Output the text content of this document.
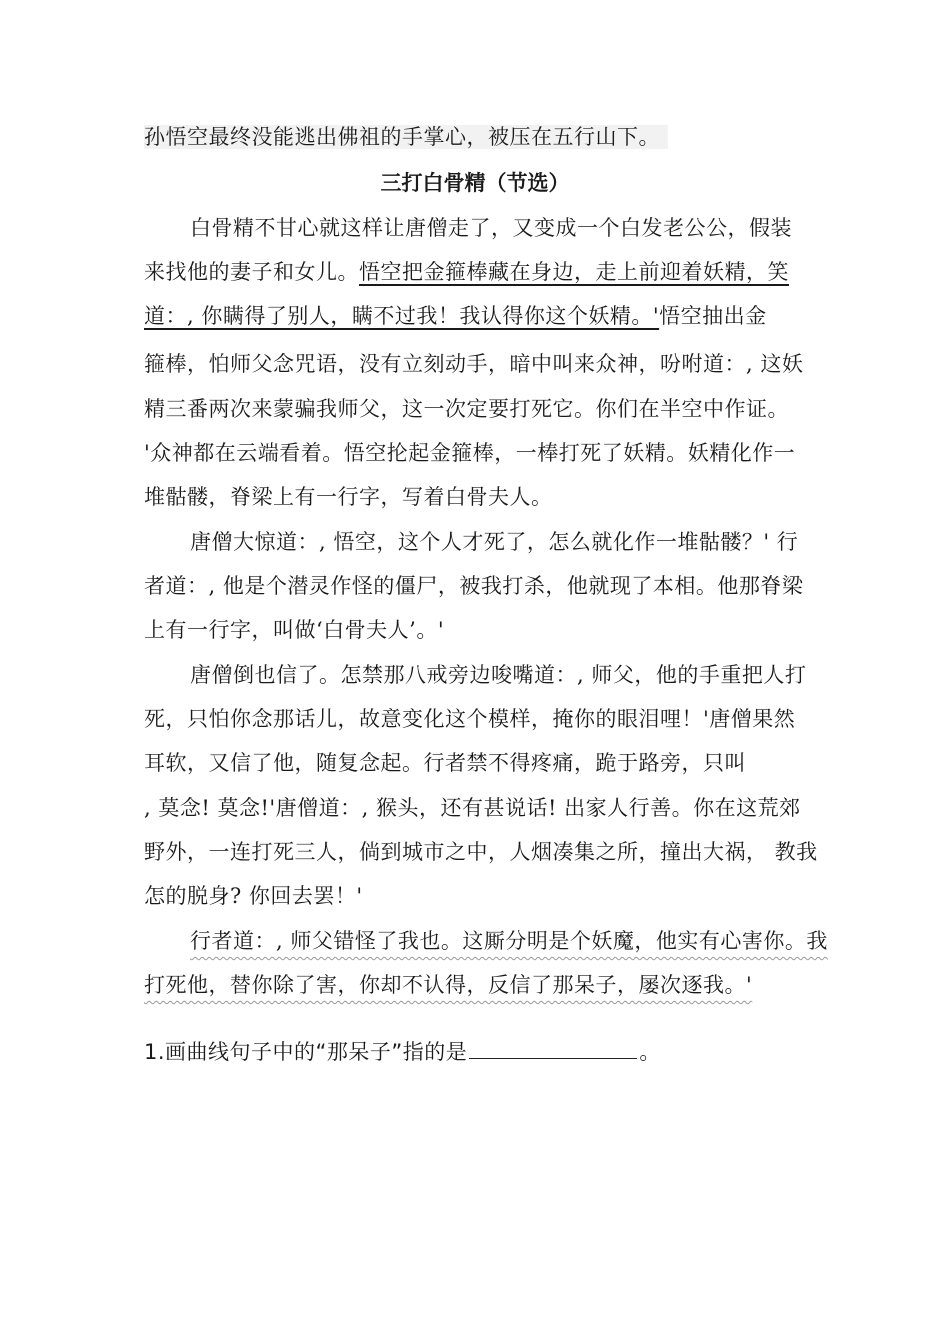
孙悟空最终没能逃出佛祖的手掌心，被压在五行山下。
三打白骨精（节选）
白骨精不甘心就这样让唐僧走了，又变成一个白发老公公，假装
来找他的妻子和女儿。悟空把金箍棒藏在身边，走上前迎着妖精，笑
道：, 你瞒得了别人，瞒不过我！我认得你这个妖精。'悟空抽出金
箍棒，怕师父念咒语，没有立刻动手，暗中叫来众神，吩咐道：, 这妖
精三番两次来蒙骗我师父，这一次定要打死它。你们在半空中作证。
'众神都在云端看着。悟空抡起金箍棒，一棒打死了妖精。妖精化作一
堆骷髅，脊梁上有一行字，写着白骨夫人。
唐僧大惊道：, 悟空，这个人才死了，怎么就化作一堆骷髅？' 行
者道：, 他是个潜灵作怪的僵尸，被我打杀，他就现了本相。他那脊梁
上有一行字，叫做‘白骨夫人’。'
唐僧倒也信了。怎禁那八戒旁边唆嘴道：, 师父，他的手重把人打
死，只怕你念那话儿，故意变化这个模样，掩你的眼泪哩！'唐僧果然
耳软，又信了他，随复念起。行者禁不得疼痛，跪于路旁，只叫
, 莫念! 莫念!'唐僧道：, 猴头，还有甚说话! 出家人行善。你在这荒郊
野外，一连打死三人，倘到城市之中，人烟凑集之所，撞出大祸， 教我
怎的脱身? 你回去罢！'
行者道：, 师父错怪了我也。这厮分明是个妖魔，他实有心害你。我
打死他，替你除了害，你却不认得，反信了那呆子，屡次逐我。'
1.画曲线句子中的“那呆子”指的是	。
